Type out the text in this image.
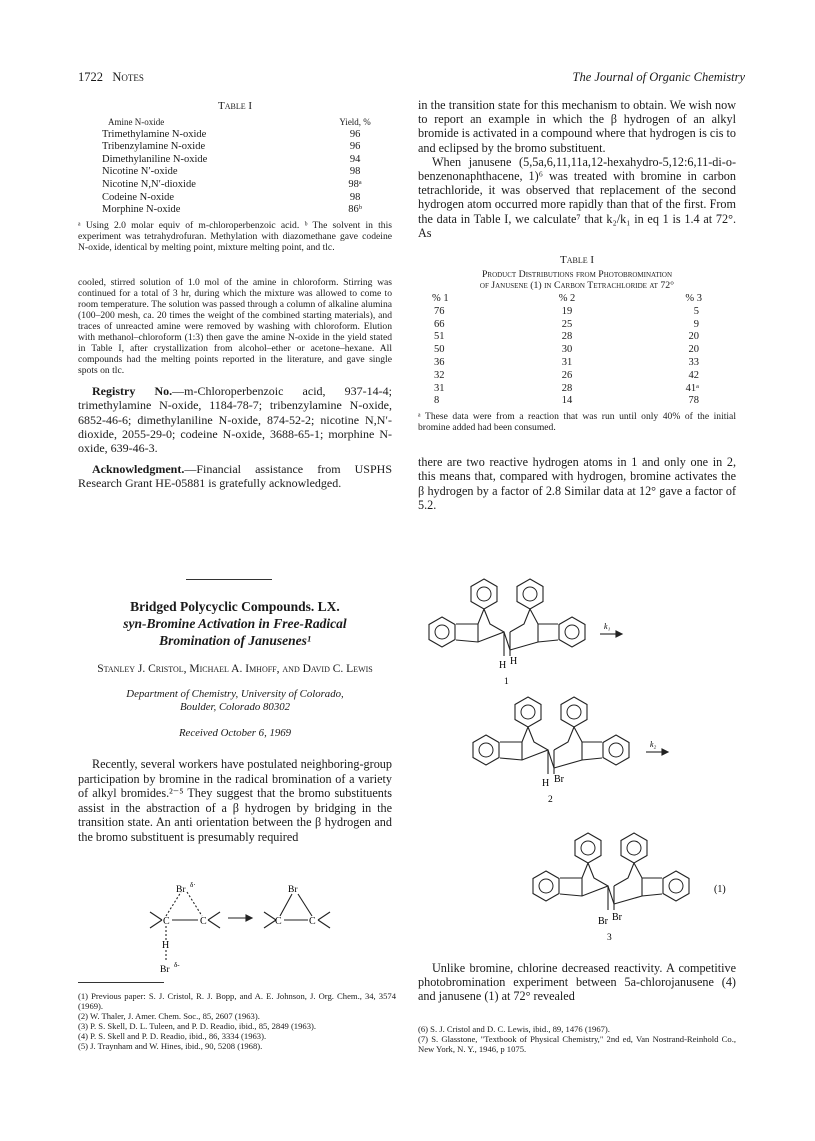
1722 Notes	The Journal of Organic Chemistry
Table I
Amine N-oxide	Yield, %
Trimethylamine N-oxide	96
Tribenzylamine N-oxide	96
Dimethylaniline N-oxide	94
Nicotine N′-oxide	98
Nicotine N,N′-dioxide	98ᵃ
Codeine N-oxide	98
Morphine N-oxide	86ᵇ
ᵃ Using 2.0 molar equiv of m-chloroperbenzoic acid. ᵇ The solvent in this experiment was tetrahydrofuran. Methylation with diazomethane gave codeine N-oxide, identical by melting point, mixture melting point, and tlc.
cooled, stirred solution of 1.0 mol of the amine in chloroform. Stirring was continued for a total of 3 hr, during which the mixture was allowed to come to room temperature. The solution was passed through a column of alkaline alumina (100–200 mesh, ca. 20 times the weight of the combined starting materials), and traces of unreacted amine were removed by washing with chloroform. Elution with methanol–chloroform (1:3) then gave the amine N-oxide in the yield stated in Table I, after crystallization from alcohol–ether or acetone–hexane. All compounds had the melting points reported in the literature, and gave single spots on tlc.
Registry No.—m-Chloroperbenzoic acid, 937-14-4; trimethylamine N-oxide, 1184-78-7; tribenzylamine N-oxide, 6852-46-6; dimethylaniline N-oxide, 874-52-2; nicotine N,N′-dioxide, 2055-29-0; codeine N-oxide, 3688-65-1; morphine N-oxide, 639-46-3.
Acknowledgment.—Financial assistance from USPHS Research Grant HE-05881 is gratefully acknowledged.
Bridged Polycyclic Compounds. LX.
syn-Bromine Activation in Free-Radical
Bromination of Janusenes¹
Stanley J. Cristol, Michael A. Imhoff, and David C. Lewis
Department of Chemistry, University of Colorado,
Boulder, Colorado 80302
Received October 6, 1969

Recently, several workers have postulated neighboring-group participation by bromine in the radical bromination of a variety of alkyl bromides.²⁻⁵ They suggest that the bromo substituents assist in the abstraction of a β hydrogen by bridging in the transition state. An anti orientation between the β hydrogen and the bromo substituent is presumably required

Br δ·
C	C
H
Br δ-
Br
C	C

(1) Previous paper: S. J. Cristol, R. J. Bopp, and A. E. Johnson, J. Org. Chem., 34, 3574 (1969).

(2) W. Thaler, J. Amer. Chem. Soc., 85, 2607 (1963).

(3) P. S. Skell, D. L. Tuleen, and P. D. Readio, ibid., 85, 2849 (1963).

(4) P. S. Skell and P. D. Readio, ibid., 86, 3334 (1963).

(5) J. Traynham and W. Hines, ibid., 90, 5208 (1968).

in the transition state for this mechanism to obtain. We wish now to report an example in which the β hydrogen of an alkyl bromide is activated in a compound where that hydrogen is cis to and eclipsed by the bromo substituent.

When janusene (5,5a,6,11,11a,12-hexahydro-5,12:6,11-di-o-benzenonaphthacene, 1)⁶ was treated with bromine in carbon tetrachloride, it was observed that replacement of the second hydrogen atom occurred more rapidly than that of the first. From the data in Table I, we calculate⁷ that k₂/k₁ in eq 1 is 1.4 at 72°. As

Table I
Product Distributions from Photobromination
of Janusene (1) in Carbon Tetrachloride at 72°
% 1	% 2	% 3
76	19	5
66	25	9
51	28	20
50	30	20
36	31	33
32	26	42
31	28	41ᵃ
8	14	78
ᵃ These data were from a reaction that was run until only 40% of the initial bromine added had been consumed.

there are two reactive hydrogen atoms in 1 and only one in 2, this means that, compared with hydrogen, bromine activates the β hydrogen by a factor of 2.8 Similar data at 12° gave a factor of 5.2.

H H
1
k₁
H Br
2
k₂
Br Br
3
(1)

Unlike bromine, chlorine decreased reactivity. A competitive photobromination experiment between 5a-chlorojanusene (4) and janusene (1) at 72° revealed

(6) S. J. Cristol and D. C. Lewis, ibid., 89, 1476 (1967).

(7) S. Glasstone, "Textbook of Physical Chemistry," 2nd ed, Van Nostrand-Reinhold Co., New York, N. Y., 1946, p 1075.
